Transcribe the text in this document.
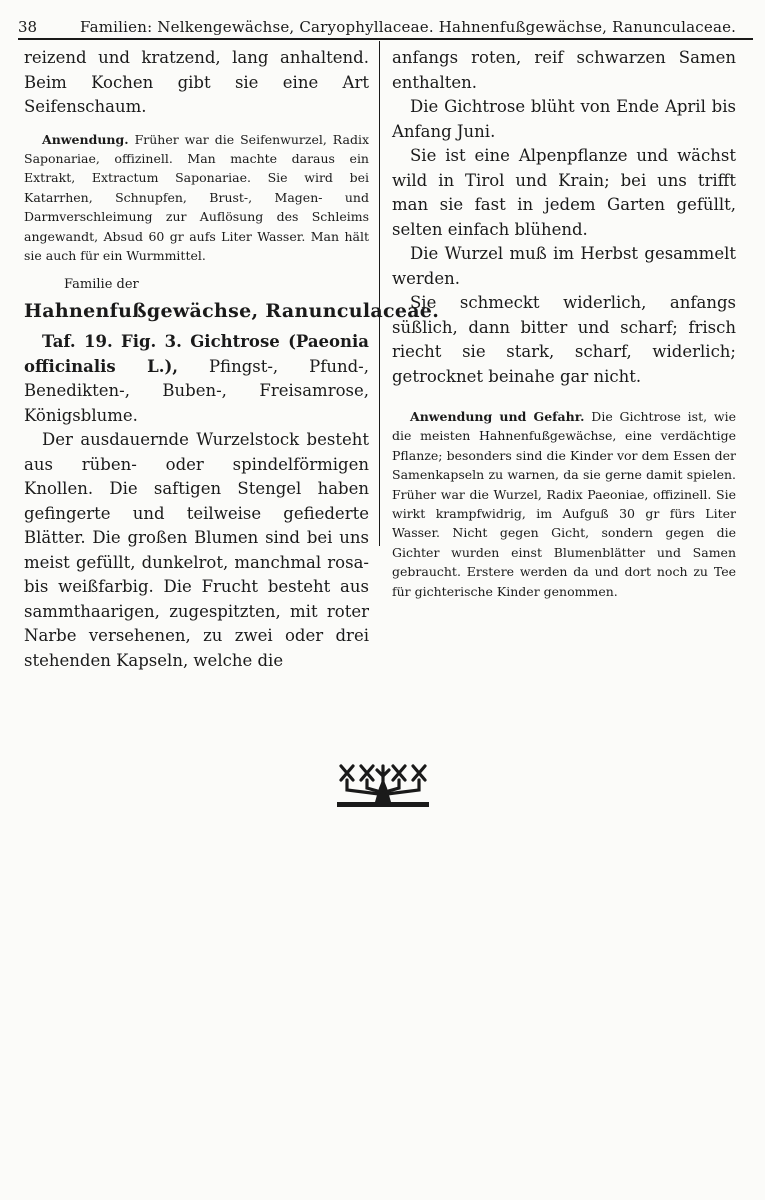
38	Familien: Nelkengewächse, Caryophyllaceae. Hahnenfußgewächse, Ranunculaceae.

reizend und kratzend, lang anhaltend. Beim Kochen gibt sie eine Art Seifenschaum.

Anwendung. Früher war die Seifenwurzel, Radix Saponariae, offizinell. Man machte daraus ein Extrakt, Extractum Saponariae. Sie wird bei Katarrhen, Schnupfen, Brust-, Magen- und Darmverschleimung zur Auflösung des Schleims angewandt, Absud 60 gr aufs Liter Wasser. Man hält sie auch für ein Wurmmittel.

Familie der
Hahnenfußgewächse, Ranunculaceae.

Taf. 19. Fig. 3. Gichtrose (Paeonia officinalis L.), Pfingst-, Pfund-, Benedikten-, Buben-, Freisamrose, Königsblume.

Der ausdauernde Wurzelstock besteht aus rüben- oder spindelförmigen Knollen. Die saftigen Stengel haben gefingerte und teilweise gefiederte Blätter. Die großen Blumen sind bei uns meist gefüllt, dunkelrot, manchmal rosa- bis weißfarbig. Die Frucht besteht aus sammthaarigen, zugespitzten, mit roter Narbe versehenen, zu zwei oder drei stehenden Kapseln, welche die

anfangs roten, reif schwarzen Samen enthalten.

Die Gichtrose blüht von Ende April bis Anfang Juni.

Sie ist eine Alpenpflanze und wächst wild in Tirol und Krain; bei uns trifft man sie fast in jedem Garten gefüllt, selten einfach blühend.

Die Wurzel muß im Herbst gesammelt werden.

Sie schmeckt widerlich, anfangs süßlich, dann bitter und scharf; frisch riecht sie stark, scharf, widerlich; getrocknet beinahe gar nicht.

Anwendung und Gefahr. Die Gichtrose ist, wie die meisten Hahnenfußgewächse, eine verdächtige Pflanze; besonders sind die Kinder vor dem Essen der Samenkapseln zu warnen, da sie gerne damit spielen. Früher war die Wurzel, Radix Paeoniae, offizinell. Sie wirkt krampfwidrig, im Aufguß 30 gr fürs Liter Wasser. Nicht gegen Gicht, sondern gegen die Gichter wurden einst Blumenblätter und Samen gebraucht. Erstere werden da und dort noch zu Tee für gichterische Kinder genommen.
